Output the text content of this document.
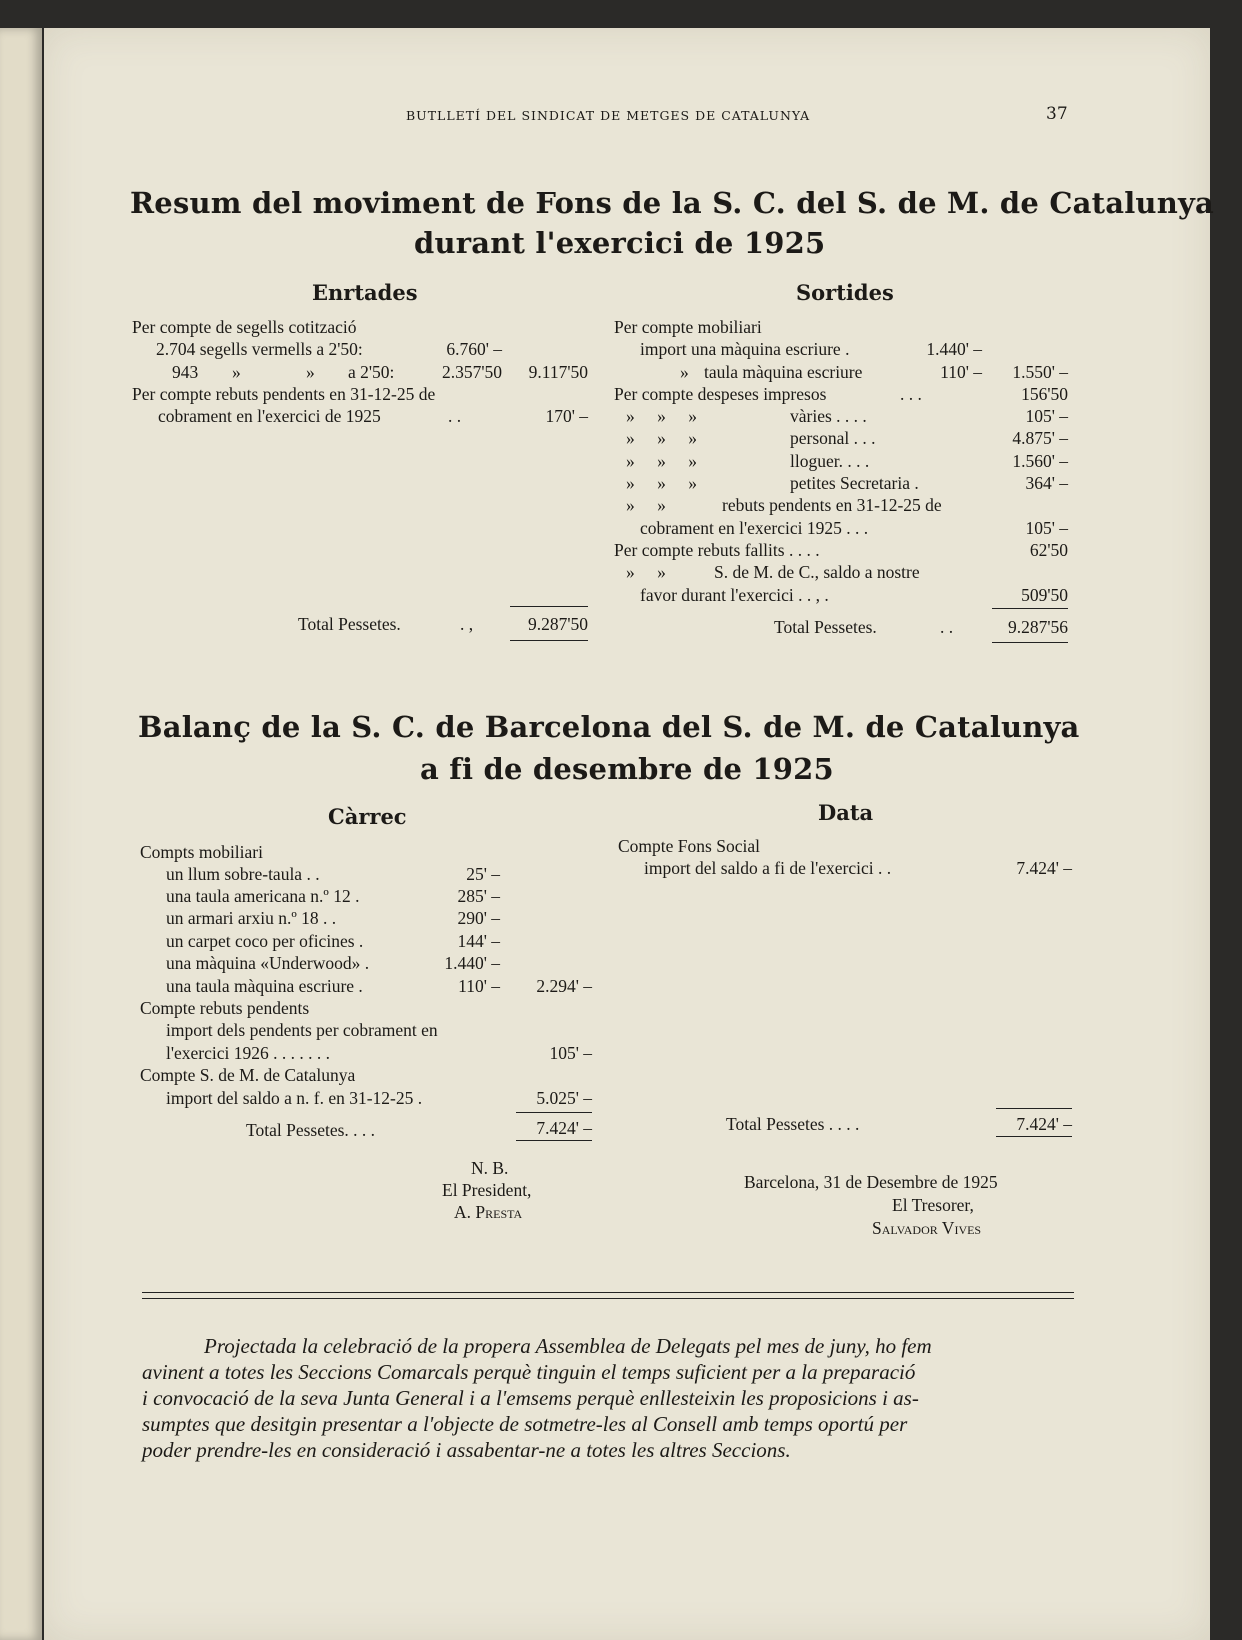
BUTLLETÍ DEL SINDICAT DE METGES DE CATALUNYA	37
Resum del moviment de Fons de la S. C. del S. de M. de Catalunya
durant l'exercici de 1925
Enrtades
Per compte de segells cotització
2.704 segells vermells a 2'50:	6.760' –
943 »	» a 2'50:	2.357'50	9.117'50
Per compte rebuts pendents en 31-12-25 de
cobrament en l'exercici de 1925	. .	170' –
Total Pessetes.	. ,	9.287'50
Sortides
Per compte mobiliari
import una màquina escriure .	1.440' –
» taula màquina escriure	110' –	1.550' –
Per compte despeses impresos	. . .	156'50
» » »	vàries . . . .	105' –
» » »	personal . . .	4.875' –
» » »	lloguer. . . .	1.560' –
» » »	petites Secretaria .	364' –
» »	rebuts pendents en 31-12-25 de
cobrament en l'exercici 1925 . . .	105' –
Per compte rebuts fallits . . . .	62'50
» »	S. de M. de C., saldo a nostre
favor durant l'exercici . . , .	509'50
Total Pessetes.	. .	9.287'56
Balanç de la S. C. de Barcelona del S. de M. de Catalunya
a fi de desembre de 1925
Càrrec
Compts mobiliari
un llum sobre-taula . .	25' –
una taula americana n.º 12 .	285' –
un armari arxiu n.º 18 . .	290' –
un carpet coco per oficines .	144' –
una màquina «Underwood» .	1.440' –
una taula màquina escriure .	110' –	2.294' –
Compte rebuts pendents
import dels pendents per cobrament en
l'exercici 1926 . . . . . . .	105' –
Compte S. de M. de Catalunya
import del saldo a n. f. en 31-12-25 .	5.025' –
Total Pessetes. . . .	7.424' –
Data
Compte Fons Social
import del saldo a fi de l'exercici . .	7.424' –
Total Pessetes . . . .	7.424' –
N. B.
El President,
A. Presta
Barcelona, 31 de Desembre de 1925
El Tresorer,
Salvador Vives
Projectada la celebració de la propera Assemblea de Delegats pel mes de juny, ho fem
avinent a totes les Seccions Comarcals perquè tinguin el temps suficient per a la preparació
i convocació de la seva Junta General i a l'emsems perquè enllesteixin les proposicions i as-
sumptes que desitgin presentar a l'objecte de sotmetre-les al Consell amb temps oportú per
poder prendre-les en consideració i assabentar-ne a totes les altres Seccions.
